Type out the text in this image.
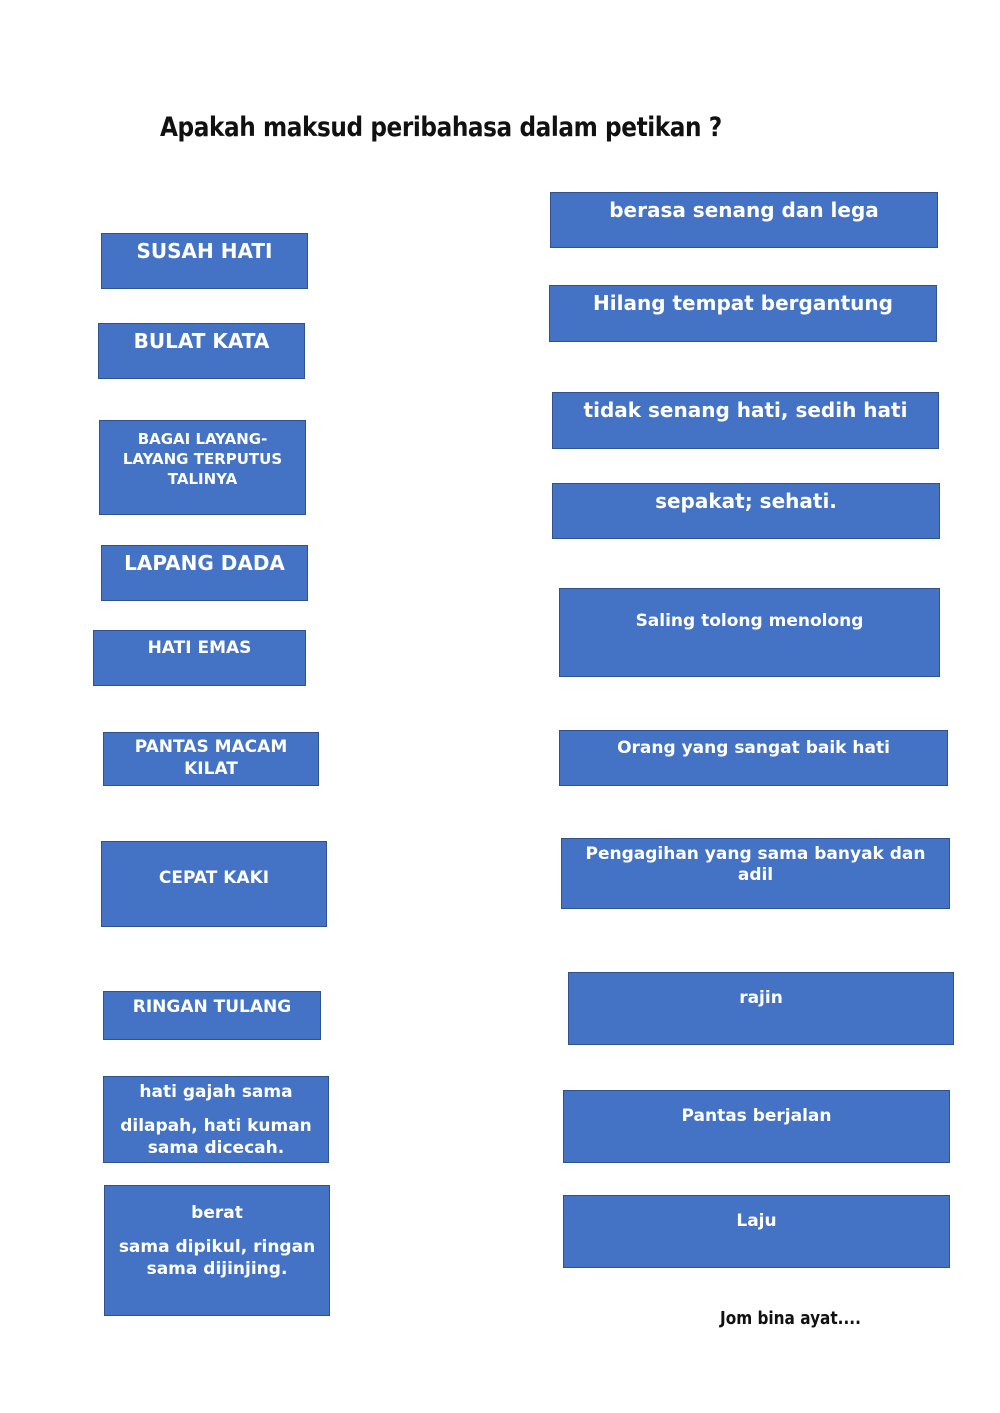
Apakah maksud peribahasa dalam petikan ?
SUSAH HATI
BULAT KATA
BAGAI LAYANG-LAYANG TERPUTUS TALINYA
LAPANG DADA
HATI EMAS
PANTAS MACAM KILAT
CEPAT KAKI
RINGAN TULANG
hati gajah sama
dilapah, hati kuman sama dicecah.
berat
sama dipikul, ringan sama dijinjing.
berasa senang dan lega
Hilang tempat bergantung
tidak senang hati, sedih hati
sepakat; sehati.
Saling tolong menolong
Orang yang sangat baik hati
Pengagihan yang sama banyak dan adil
rajin
Pantas berjalan
Laju
Jom bina ayat....
